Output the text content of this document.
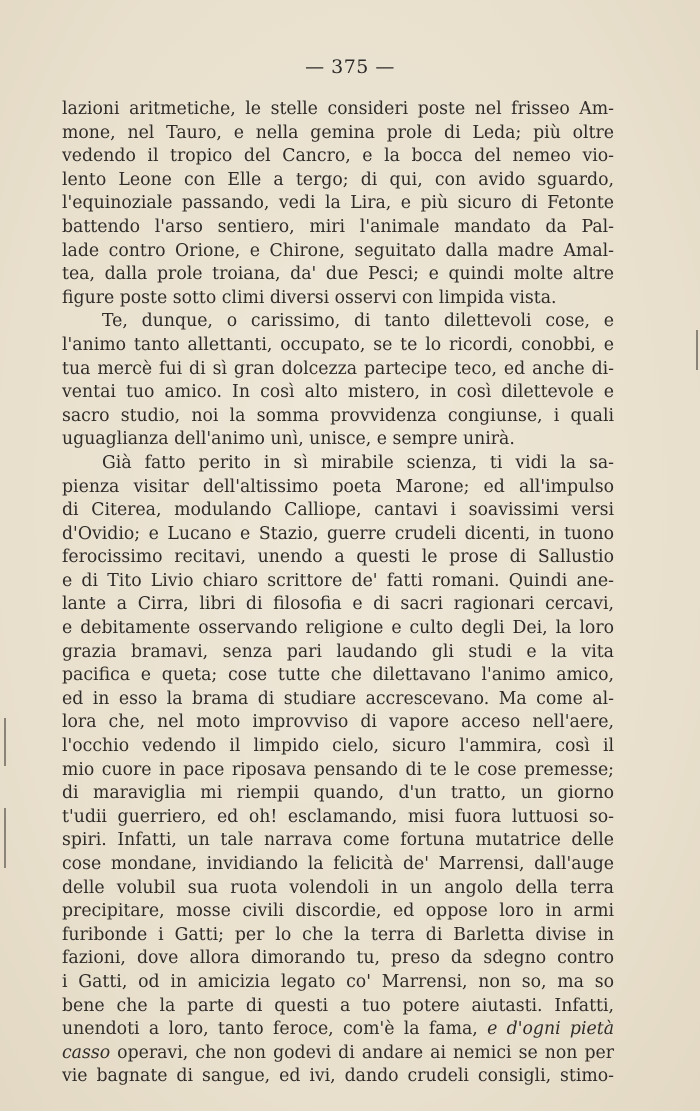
— 375 —
lazioni aritmetiche, le stelle consideri poste nel frisseo Am-
mone, nel Tauro, e nella gemina prole di Leda; più oltre
vedendo il tropico del Cancro, e la bocca del nemeo vio-
lento Leone con Elle a tergo; di qui, con avido sguardo,
l'equinoziale passando, vedi la Lira, e più sicuro di Fetonte
battendo l'arso sentiero, miri l'animale mandato da Pal-
lade contro Orione, e Chirone, seguitato dalla madre Amal-
tea, dalla prole troiana, da' due Pesci; e quindi molte altre
figure poste sotto climi diversi osservi con limpida vista.
Te, dunque, o carissimo, di tanto dilettevoli cose, e
l'animo tanto allettanti, occupato, se te lo ricordi, conobbi, e
tua mercè fui di sì gran dolcezza partecipe teco, ed anche di-
ventai tuo amico. In così alto mistero, in così dilettevole e
sacro studio, noi la somma provvidenza congiunse, i quali
uguaglianza dell'animo unì, unisce, e sempre unirà.
Già fatto perito in sì mirabile scienza, ti vidi la sa-
pienza visitar dell'altissimo poeta Marone; ed all'impulso
di Citerea, modulando Calliope, cantavi i soavissimi versi
d'Ovidio; e Lucano e Stazio, guerre crudeli dicenti, in tuono
ferocissimo recitavi, unendo a questi le prose di Sallustio
e di Tito Livio chiaro scrittore de' fatti romani. Quindi ane-
lante a Cirra, libri di filosofia e di sacri ragionari cercavi,
e debitamente osservando religione e culto degli Dei, la loro
grazia bramavi, senza pari laudando gli studi e la vita
pacifica e queta; cose tutte che dilettavano l'animo amico,
ed in esso la brama di studiare accrescevano. Ma come al-
lora che, nel moto improvviso di vapore acceso nell'aere,
l'occhio vedendo il limpido cielo, sicuro l'ammira, così il
mio cuore in pace riposava pensando di te le cose premesse;
di maraviglia mi riempii quando, d'un tratto, un giorno
t'udii guerriero, ed oh! esclamando, misi fuora luttuosi so-
spiri. Infatti, un tale narrava come fortuna mutatrice delle
cose mondane, invidiando la felicità de' Marrensi, dall'auge
delle volubil sua ruota volendoli in un angolo della terra
precipitare, mosse civili discordie, ed oppose loro in armi
furibonde i Gatti; per lo che la terra di Barletta divise in
fazioni, dove allora dimorando tu, preso da sdegno contro
i Gatti, od in amicizia legato co' Marrensi, non so, ma so
bene che la parte di questi a tuo potere aiutasti. Infatti,
unendoti a loro, tanto feroce, com'è la fama, e d'ogni pietà
casso operavi, che non godevi di andare ai nemici se non per
vie bagnate di sangue, ed ivi, dando crudeli consigli, stimo-
